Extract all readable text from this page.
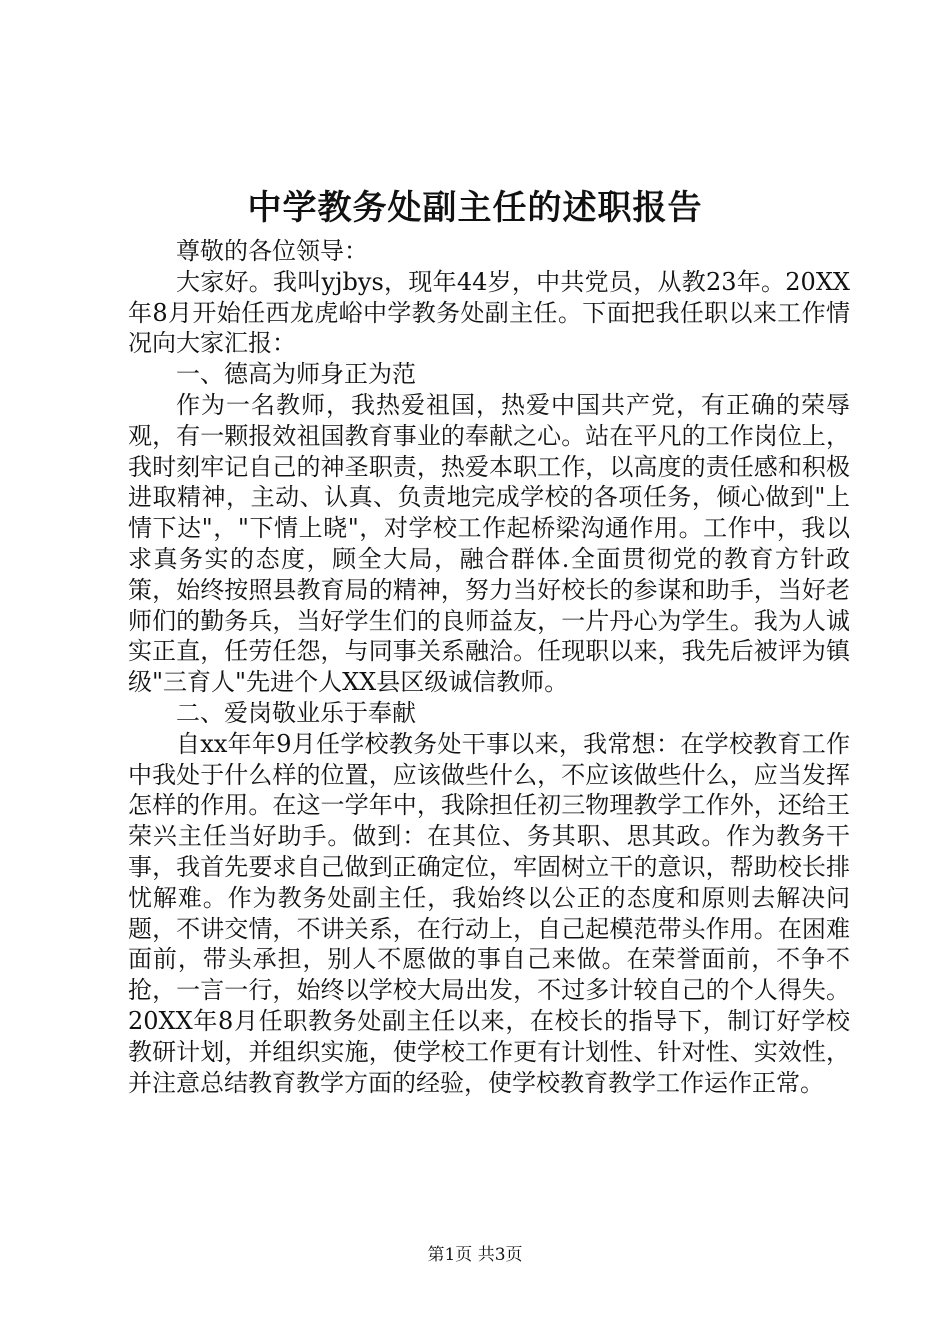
中学教务处副主任的述职报告

尊敬的各位领导：

大家好。我叫yjbys，现年44岁，中共党员，从教23年。20XX年8月开始任西龙虎峪中学教务处副主任。下面把我任职以来工作情况向大家汇报：

一、德高为师身正为范

作为一名教师，我热爱祖国，热爱中国共产党，有正确的荣辱观，有一颗报效祖国教育事业的奉献之心。站在平凡的工作岗位上，我时刻牢记自己的神圣职责，热爱本职工作，以高度的责任感和积极进取精神，主动、认真、负责地完成学校的各项任务，倾心做到"上情下达"，"下情上晓"，对学校工作起桥梁沟通作用。工作中，我以求真务实的态度，顾全大局，融合群体.全面贯彻党的教育方针政策，始终按照县教育局的精神，努力当好校长的参谋和助手，当好老师们的勤务兵，当好学生们的良师益友，一片丹心为学生。我为人诚实正直，任劳任怨，与同事关系融洽。任现职以来，我先后被评为镇级"三育人"先进个人XX县区级诚信教师。

二、爱岗敬业乐于奉献

自xx年年9月任学校教务处干事以来，我常想：在学校教育工作中我处于什么样的位置，应该做些什么，不应该做些什么，应当发挥怎样的作用。在这一学年中，我除担任初三物理教学工作外，还给王荣兴主任当好助手。做到：在其位、务其职、思其政。作为教务干事，我首先要求自己做到正确定位，牢固树立干的意识，帮助校长排忧解难。作为教务处副主任，我始终以公正的态度和原则去解决问题，不讲交情，不讲关系，在行动上，自己起模范带头作用。在困难面前，带头承担，别人不愿做的事自己来做。在荣誉面前，不争不抢，一言一行，始终以学校大局出发，不过多计较自己的个人得失。20XX年8月任职教务处副主任以来，在校长的指导下，制订好学校教研计划，并组织实施，使学校工作更有计划性、针对性、实效性，并注意总结教育教学方面的经验，使学校教育教学工作运作正常。

第1页 共3页
